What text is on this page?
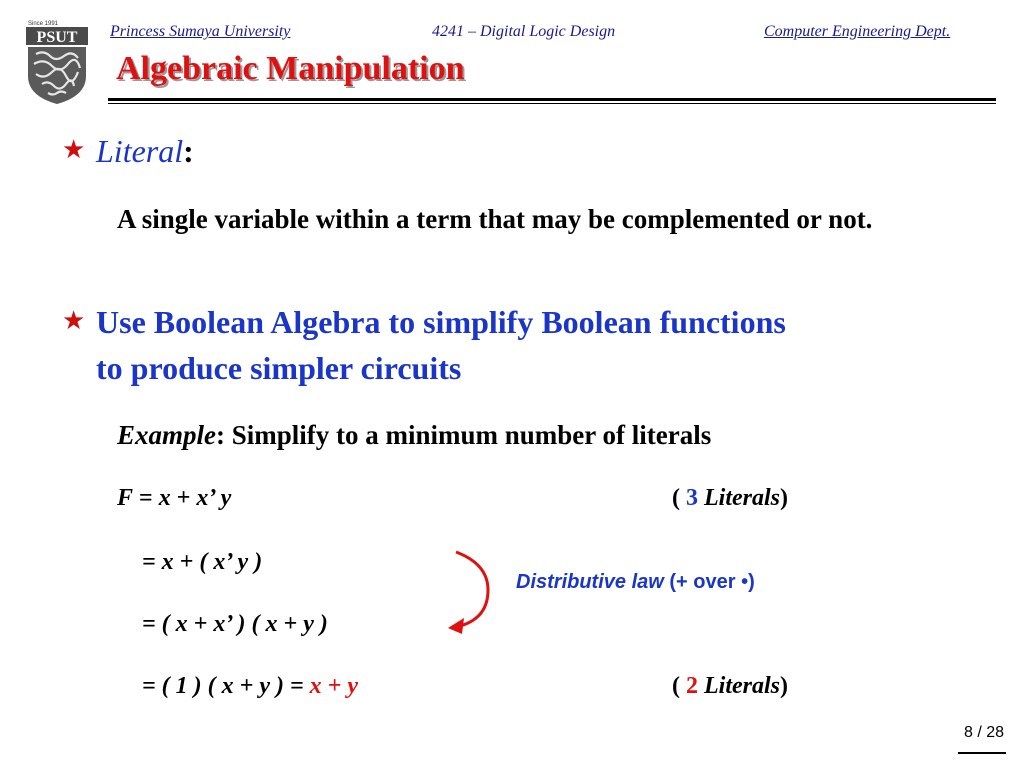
Since 1991
PSUT Princess Sumaya University	4241 – Digital Logic Design	Computer Engineering Dept.
Algebraic Manipulation
★ Literal:
A single variable within a term that may be complemented or not.
★ Use Boolean Algebra to simplify Boolean functions
to produce simpler circuits
Example: Simplify to a minimum number of literals
F = x + x’ y	( 3 Literals)
= x + ( x’ y )
= ( x + x’ ) ( x + y )
= ( 1 ) ( x + y ) = x + y	( 2 Literals)
Distributive law (+ over •)
8 / 28
